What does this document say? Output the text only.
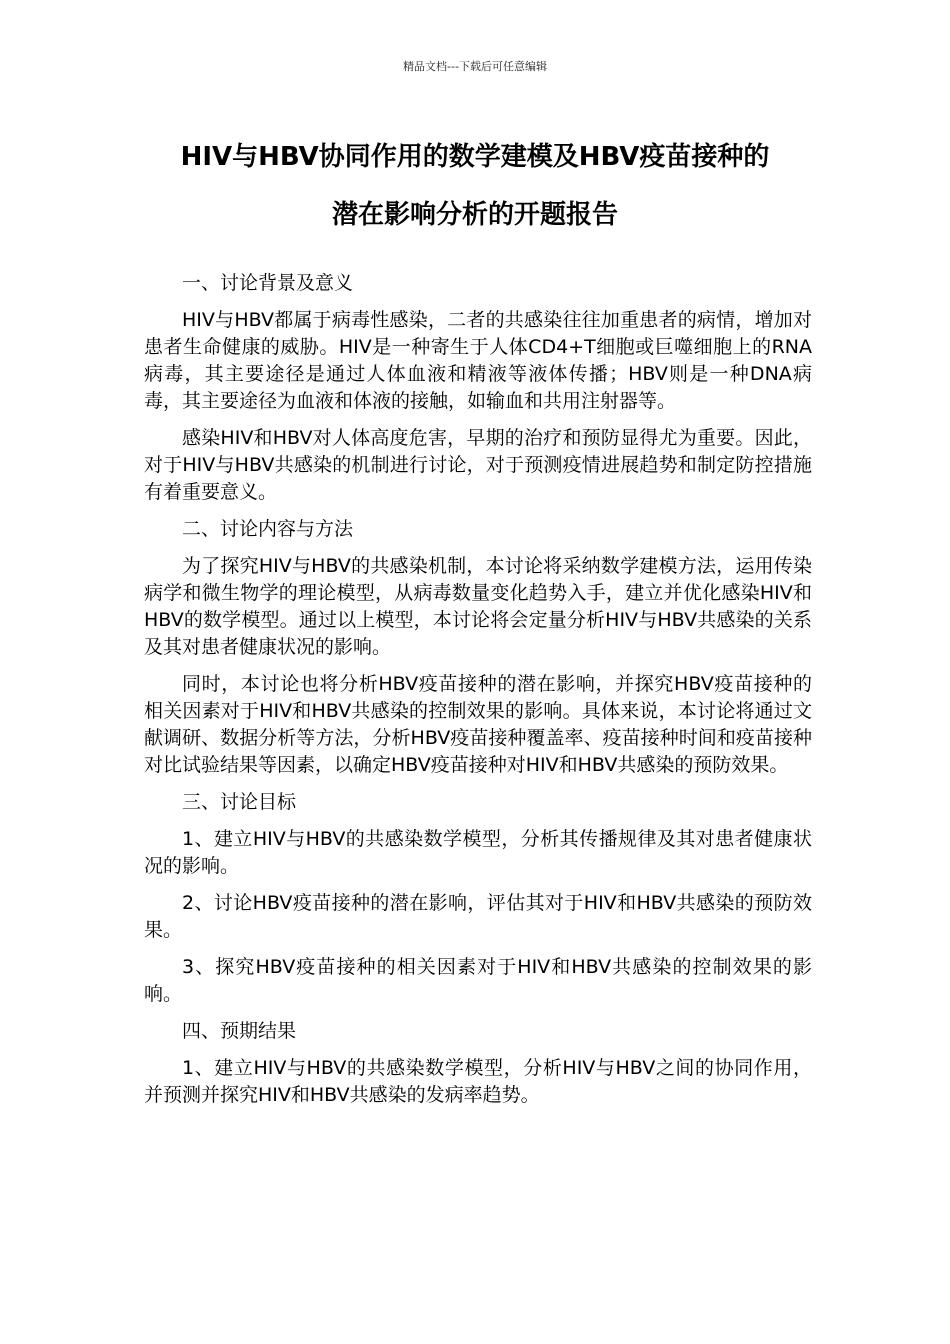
精品文档---下载后可任意编辑
HIV与HBV协同作用的数学建模及HBV疫苗接种的
潜在影响分析的开题报告
一、讨论背景及意义

HIV与HBV都属于病毒性感染，二者的共感染往往加重患者的病情，增加对患者生命健康的威胁。HIV是一种寄生于人体CD4+T细胞或巨噬细胞上的RNA病毒，其主要途径是通过人体血液和精液等液体传播；HBV则是一种DNA病毒，其主要途径为血液和体液的接触，如输血和共用注射器等。

感染HIV和HBV对人体高度危害，早期的治疗和预防显得尤为重要。因此，对于HIV与HBV共感染的机制进行讨论，对于预测疫情进展趋势和制定防控措施有着重要意义。

二、讨论内容与方法

为了探究HIV与HBV的共感染机制，本讨论将采纳数学建模方法，运用传染病学和微生物学的理论模型，从病毒数量变化趋势入手，建立并优化感染HIV和HBV的数学模型。通过以上模型，本讨论将会定量分析HIV与HBV共感染的关系及其对患者健康状况的影响。

同时，本讨论也将分析HBV疫苗接种的潜在影响，并探究HBV疫苗接种的相关因素对于HIV和HBV共感染的控制效果的影响。具体来说，本讨论将通过文献调研、数据分析等方法，分析HBV疫苗接种覆盖率、疫苗接种时间和疫苗接种对比试验结果等因素，以确定HBV疫苗接种对HIV和HBV共感染的预防效果。

三、讨论目标

1、建立HIV与HBV的共感染数学模型，分析其传播规律及其对患者健康状况的影响。

2、讨论HBV疫苗接种的潜在影响，评估其对于HIV和HBV共感染的预防效果。

3、探究HBV疫苗接种的相关因素对于HIV和HBV共感染的控制效果的影响。

四、预期结果

1、建立HIV与HBV的共感染数学模型，分析HIV与HBV之间的协同作用，并预测并探究HIV和HBV共感染的发病率趋势。
